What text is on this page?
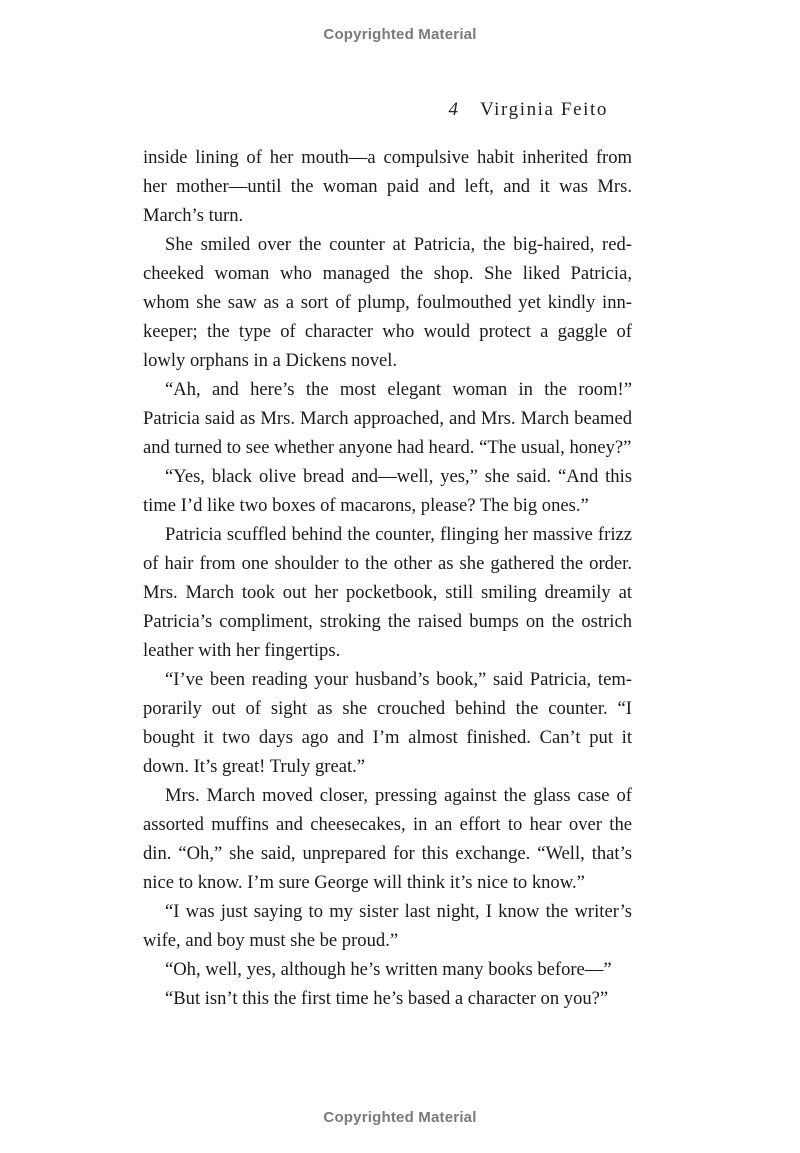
Copyrighted Material
4 Virginia Feito

inside lining of her mouth—a compulsive habit inherited from her mother—until the woman paid and left, and it was Mrs. March’s turn.

She smiled over the counter at Patricia, the big-haired, red-cheeked woman who managed the shop. She liked Patricia, whom she saw as a sort of plump, foulmouthed yet kindly inn-keeper; the type of character who would protect a gaggle of lowly orphans in a Dickens novel.

“Ah, and here’s the most elegant woman in the room!” Patricia said as Mrs. March approached, and Mrs. March beamed and turned to see whether anyone had heard. “The usual, honey?”

“Yes, black olive bread and—well, yes,” she said. “And this time I’d like two boxes of macarons, please? The big ones.”

Patricia scuffled behind the counter, flinging her massive frizz of hair from one shoulder to the other as she gathered the order. Mrs. March took out her pocketbook, still smiling dreamily at Patricia’s compliment, stroking the raised bumps on the ostrich leather with her fingertips.

“I’ve been reading your husband’s book,” said Patricia, tem-porarily out of sight as she crouched behind the counter. “I bought it two days ago and I’m almost finished. Can’t put it down. It’s great! Truly great.”

Mrs. March moved closer, pressing against the glass case of assorted muffins and cheesecakes, in an effort to hear over the din. “Oh,” she said, unprepared for this exchange. “Well, that’s nice to know. I’m sure George will think it’s nice to know.”

“I was just saying to my sister last night, I know the writer’s wife, and boy must she be proud.”

“Oh, well, yes, although he’s written many books before—”

“But isn’t this the first time he’s based a character on you?”

Copyrighted Material
